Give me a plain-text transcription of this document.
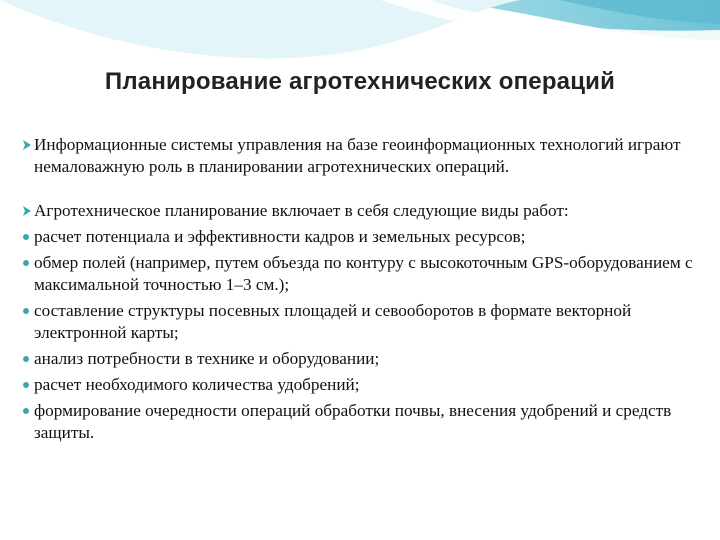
Планирование агротехнических операций
Информационные системы управления на базе геоинформационных технологий играют немаловажную роль в планировании агротехнических операций.
Агротехническое планирование включает в себя следующие виды работ:
расчет потенциала и эффективности кадров и земельных ресурсов;
обмер полей (например, путем объезда по контуру с высокоточным GPS-оборудованием с максимальной точностью 1–3 см.);
составление структуры посевных площадей и севооборотов в формате векторной электронной карты;
анализ потребности в технике и оборудовании;
расчет необходимого количества удобрений;
формирование очередности операций обработки почвы, внесения удобрений и средств защиты.
